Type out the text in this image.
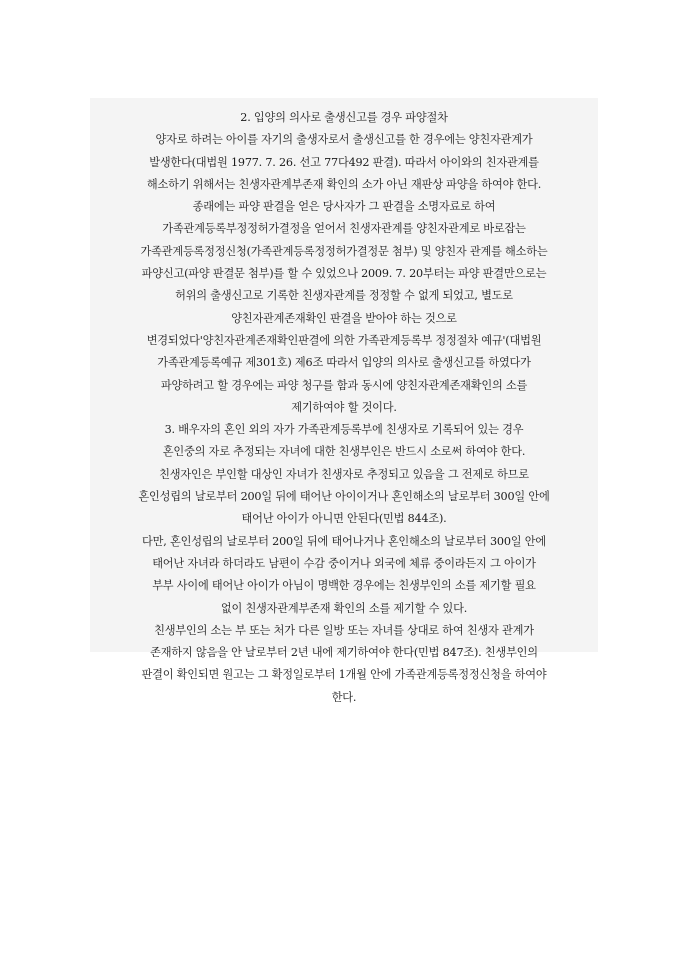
2. 입양의 의사로 출생신고를 경우 파양절차
양자로 하려는 아이를 자기의 출생자로서 출생신고를 한 경우에는 양친자관계가
발생한다(대법원 1977. 7. 26. 선고 77다492 판결). 따라서 아이와의 친자관계를
해소하기 위해서는 친생자관계부존재 확인의 소가 아닌 재판상 파양을 하여야 한다.
종래에는 파양 판결을 얻은 당사자가 그 판결을 소명자료로 하여
가족관계등록부정정허가결정을 얻어서 친생자관계를 양친자관계로 바로잡는
가족관계등록정정신청(가족관계등록정정허가결정문 첨부) 및 양친자 관계를 해소하는
파양신고(파양 판결문 첨부)를 할 수 있었으나 2009. 7. 20부터는 파양 판결만으로는
허위의 출생신고로 기록한 친생자관계를 정정할 수 없게 되었고, 별도로
양친자관계존재확인 판결을 받아야 하는 것으로
변경되었다'양친자관계존재확인판결에 의한 가족관계등록부 정정절차 예규'(대법원
가족관계등록예규 제301호) 제6조 따라서 입양의 의사로 출생신고를 하였다가
파양하려고 할 경우에는 파양 청구를 함과 동시에 양친자관계존재확인의 소를
제기하여야 할 것이다.
3. 배우자의 혼인 외의 자가 가족관계등록부에 친생자로 기록되어 있는 경우
혼인중의 자로 추정되는 자녀에 대한 친생부인은 반드시 소로써 하여야 한다.
친생자인은 부인할 대상인 자녀가 친생자로 추정되고 있음을 그 전제로 하므로
혼인성립의 날로부터 200일 뒤에 태어난 아이이거나 혼인해소의 날로부터 300일 안에
태어난 아이가 아니면 안된다(민법 844조).
다만, 혼인성립의 날로부터 200일 뒤에 태어나거나 혼인해소의 날로부터 300일 안에
태어난 자녀라 하더라도 남편이 수감 중이거나 외국에 체류 중이라든지 그 아이가
부부 사이에 태어난 아이가 아님이 명백한 경우에는 친생부인의 소를 제기할 필요
없이 친생자관계부존재 확인의 소를 제기할 수 있다.
친생부인의 소는 부 또는 처가 다른 일방 또는 자녀를 상대로 하여 친생자 관계가
존재하지 않음을 안 날로부터 2년 내에 제기하여야 한다(민법 847조). 친생부인의
판결이 확인되면 원고는 그 확정일로부터 1개월 안에 가족관계등록정정신청을 하여야
한다.
